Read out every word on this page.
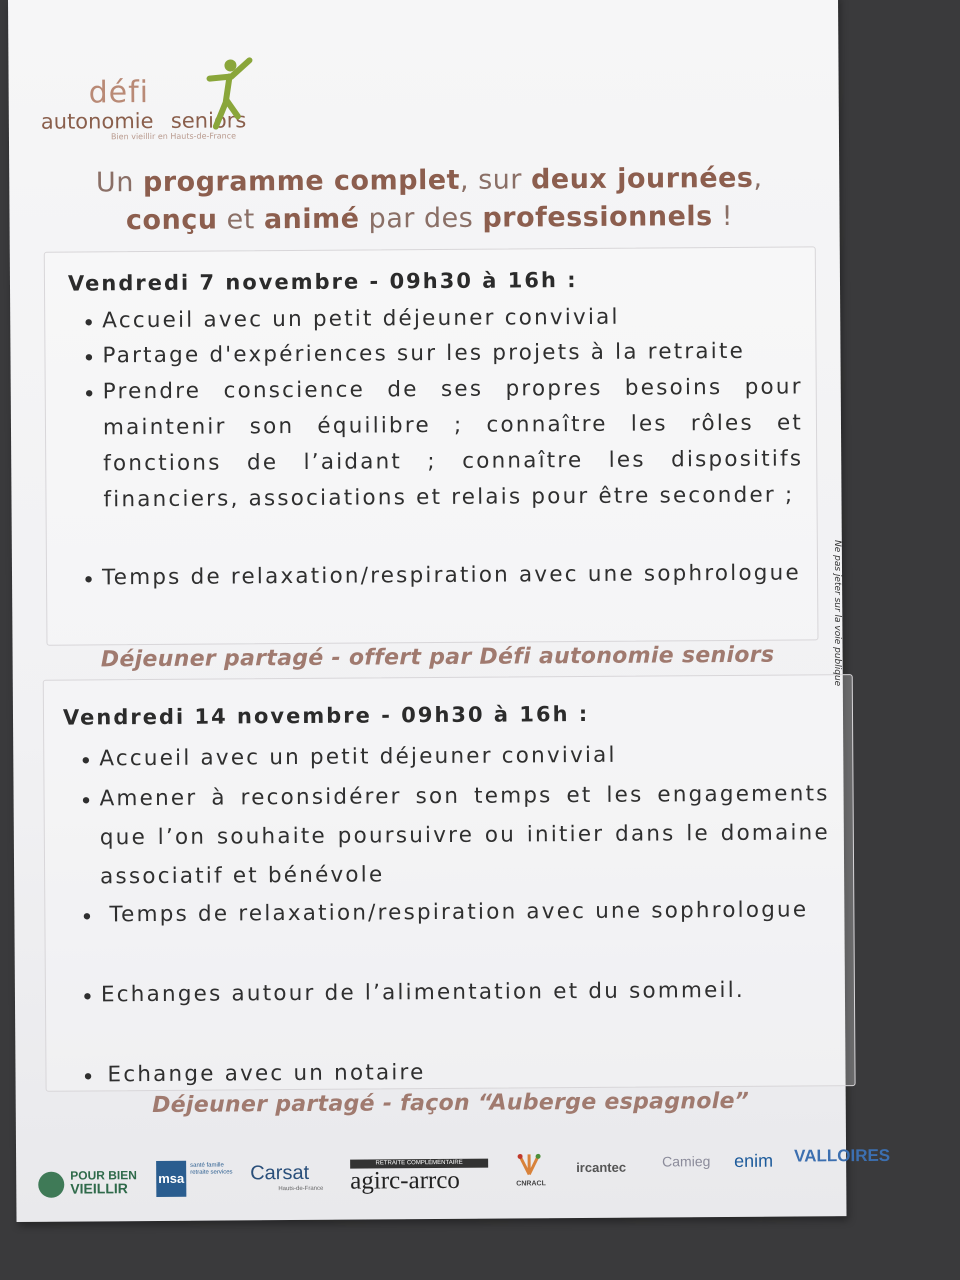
défi
autonomie seniors
Bien vieillir en Hauts-de-France
Un programme complet, sur deux journées,
conçu et animé par des professionnels !
Vendredi 7 novembre - 09h30 à 16h :
• Accueil avec un petit déjeuner convivial
• Partage d'expériences sur les projets à la retraite
• Prendre conscience de ses propres besoins pour maintenir son équilibre ; connaître les rôles et fonctions de l’aidant ; connaître les dispositifs financiers, associations et relais pour être seconder ;
• Temps de relaxation/respiration avec une sophrologue
Déjeuner partagé - offert par Défi autonomie seniors
Vendredi 14 novembre - 09h30 à 16h :
• Accueil avec un petit déjeuner convivial
• Amener à reconsidérer son temps et les engagements que l’on souhaite poursuivre ou initier dans le domaine associatif et bénévole
• Temps de relaxation/respiration avec une sophrologue
• Echanges autour de l’alimentation et du sommeil.
• Echange avec un notaire
Déjeuner partagé - façon “Auberge espagnole”
POUR BIEN
VIEILLIR
msa
santé famille retraite services Carsat
Hauts-de-France
RETRAITE COMPLÉMENTAIRE
agirc-arrco	CNRACL
ircantec	Camieg enim VALLOIRES
Ne pas jeter sur la voie publique
